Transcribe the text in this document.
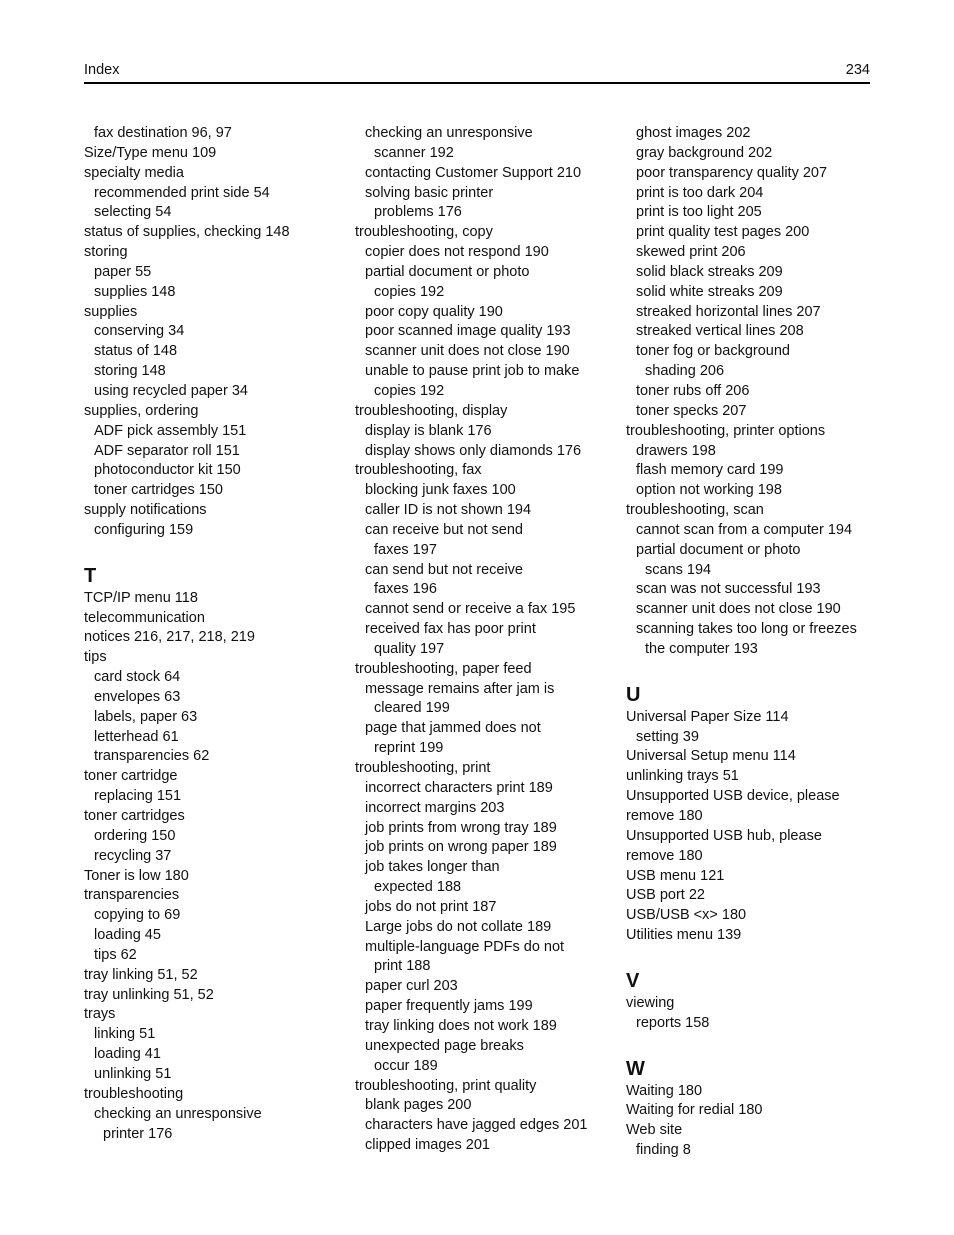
Index	234
fax destination 96, 97
Size/Type menu 109
specialty media
recommended print side 54
selecting 54
status of supplies, checking 148
storing
paper 55
supplies 148
supplies
conserving 34
status of 148
storing 148
using recycled paper 34
supplies, ordering
ADF pick assembly 151
ADF separator roll 151
photoconductor kit 150
toner cartridges 150
supply notifications
configuring 159
T
TCP/IP menu 118
telecommunication
notices 216, 217, 218, 219
tips
card stock 64
envelopes 63
labels, paper 63
letterhead 61
transparencies 62
toner cartridge
replacing 151
toner cartridges
ordering 150
recycling 37
Toner is low 180
transparencies
copying to 69
loading 45
tips 62
tray linking 51, 52
tray unlinking 51, 52
trays
linking 51
loading 41
unlinking 51
troubleshooting
checking an unresponsive
printer 176
checking an unresponsive
scanner 192
contacting Customer Support 210
solving basic printer
problems 176
troubleshooting, copy
copier does not respond 190
partial document or photo
copies 192
poor copy quality 190
poor scanned image quality 193
scanner unit does not close 190
unable to pause print job to make
copies 192
troubleshooting, display
display is blank 176
display shows only diamonds 176
troubleshooting, fax
blocking junk faxes 100
caller ID is not shown 194
can receive but not send
faxes 197
can send but not receive
faxes 196
cannot send or receive a fax 195
received fax has poor print
quality 197
troubleshooting, paper feed
message remains after jam is
cleared 199
page that jammed does not
reprint 199
troubleshooting, print
incorrect characters print 189
incorrect margins 203
job prints from wrong tray 189
job prints on wrong paper 189
job takes longer than
expected 188
jobs do not print 187
Large jobs do not collate 189
multiple-language PDFs do not
print 188
paper curl 203
paper frequently jams 199
tray linking does not work 189
unexpected page breaks
occur 189
troubleshooting, print quality
blank pages 200
characters have jagged edges 201
clipped images 201
ghost images 202
gray background 202
poor transparency quality 207
print is too dark 204
print is too light 205
print quality test pages 200
skewed print 206
solid black streaks 209
solid white streaks 209
streaked horizontal lines 207
streaked vertical lines 208
toner fog or background
shading 206
toner rubs off 206
toner specks 207
troubleshooting, printer options
drawers 198
flash memory card 199
option not working 198
troubleshooting, scan
cannot scan from a computer 194
partial document or photo
scans 194
scan was not successful 193
scanner unit does not close 190
scanning takes too long or freezes
the computer 193
U
Universal Paper Size 114
setting 39
Universal Setup menu 114
unlinking trays 51
Unsupported USB device, please
remove 180
Unsupported USB hub, please
remove 180
USB menu 121
USB port 22
USB/USB <x> 180
Utilities menu 139
V
viewing
reports 158
W
Waiting 180
Waiting for redial 180
Web site
finding 8
